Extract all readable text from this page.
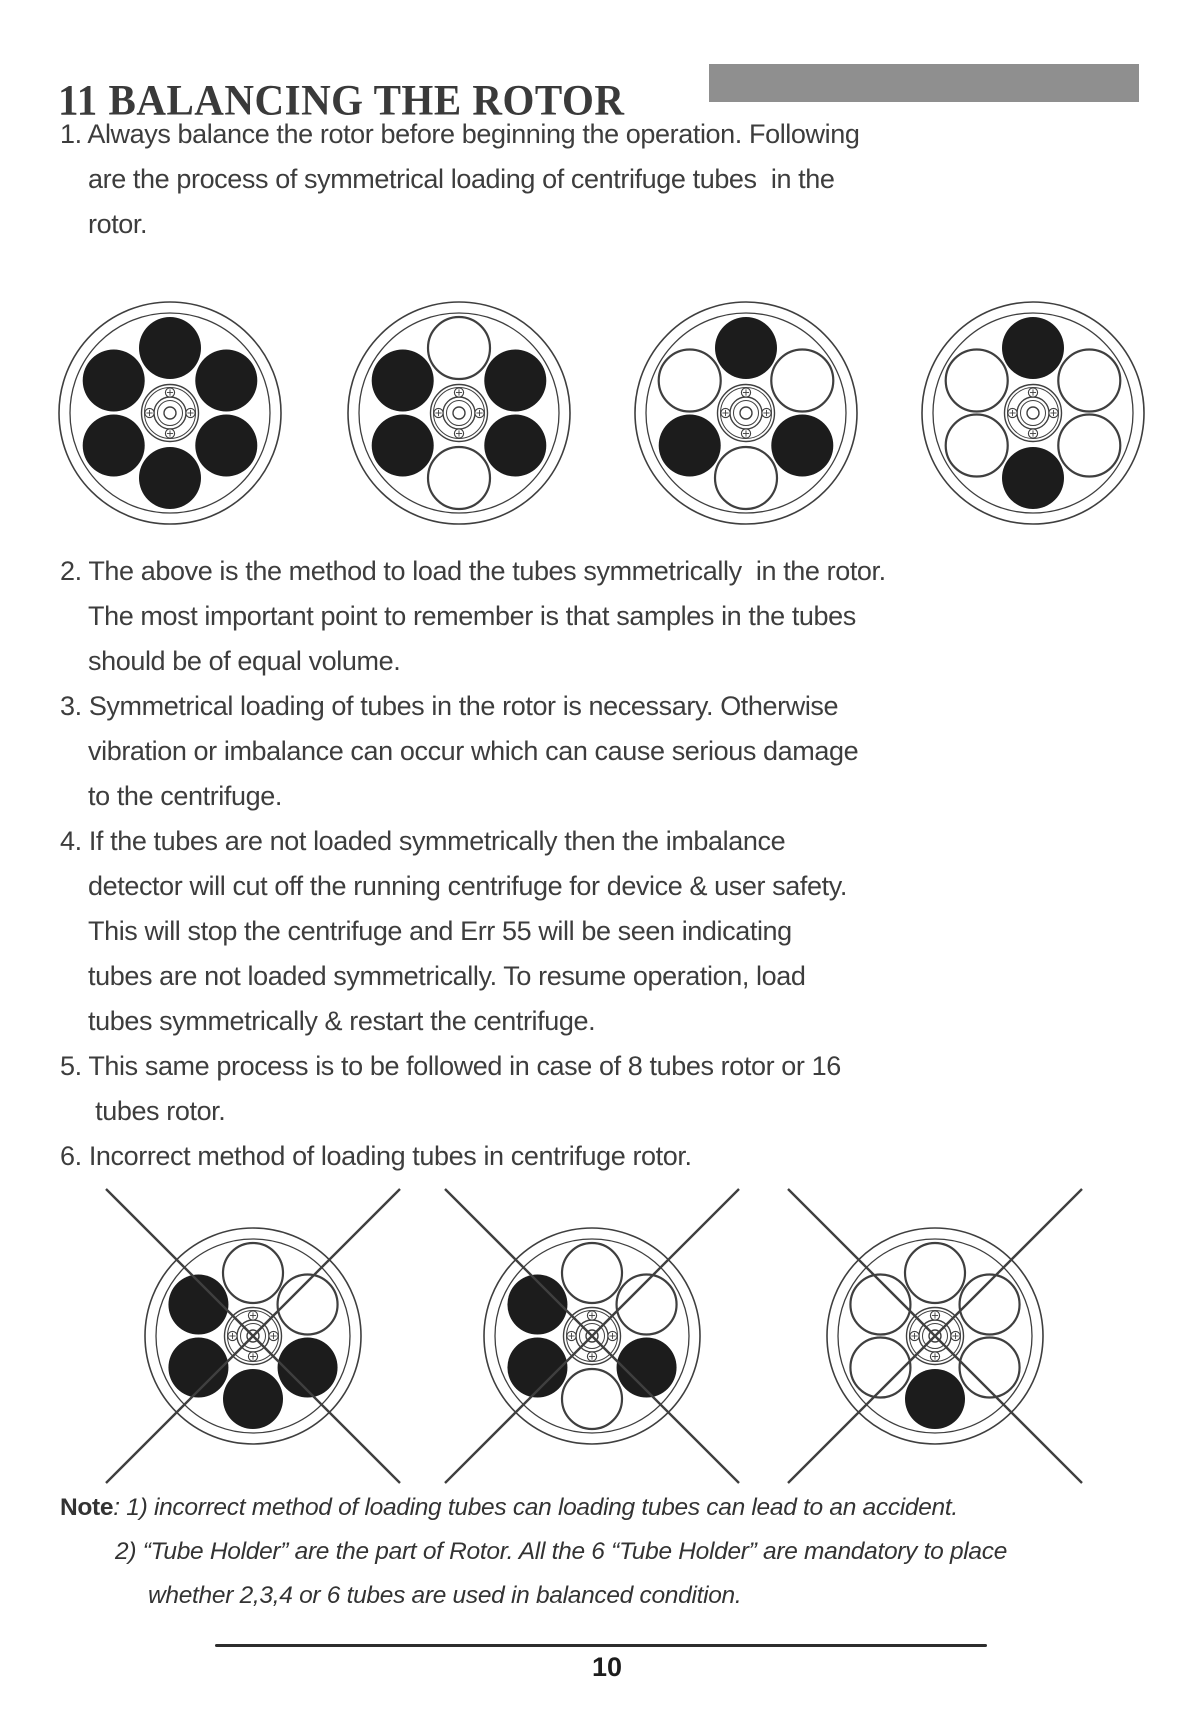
11 BALANCING THE ROTOR
1. Always balance the rotor before beginning the operation. Following
are the process of symmetrical loading of centrifuge tubes  in the
rotor.
2. The above is the method to load the tubes symmetrically  in the rotor.
The most important point to remember is that samples in the tubes
should be of equal volume.
3. Symmetrical loading of tubes in the rotor is necessary. Otherwise
vibration or imbalance can occur which can cause serious damage
to the centrifuge.
4. If the tubes are not loaded symmetrically then the imbalance
detector will cut off the running centrifuge for device & user safety.
This will stop the centrifuge and Err 55 will be seen indicating
tubes are not loaded symmetrically. To resume operation, load
tubes symmetrically & restart the centrifuge.
5. This same process is to be followed in case of 8 tubes rotor or 16
tubes rotor.
6. Incorrect method of loading tubes in centrifuge rotor.
Note: 1) incorrect method of loading tubes can loading tubes can lead to an accident.
2) “Tube Holder” are the part of Rotor. All the 6 “Tube Holder” are mandatory to place
whether 2,3,4 or 6 tubes are used in balanced condition.
10
